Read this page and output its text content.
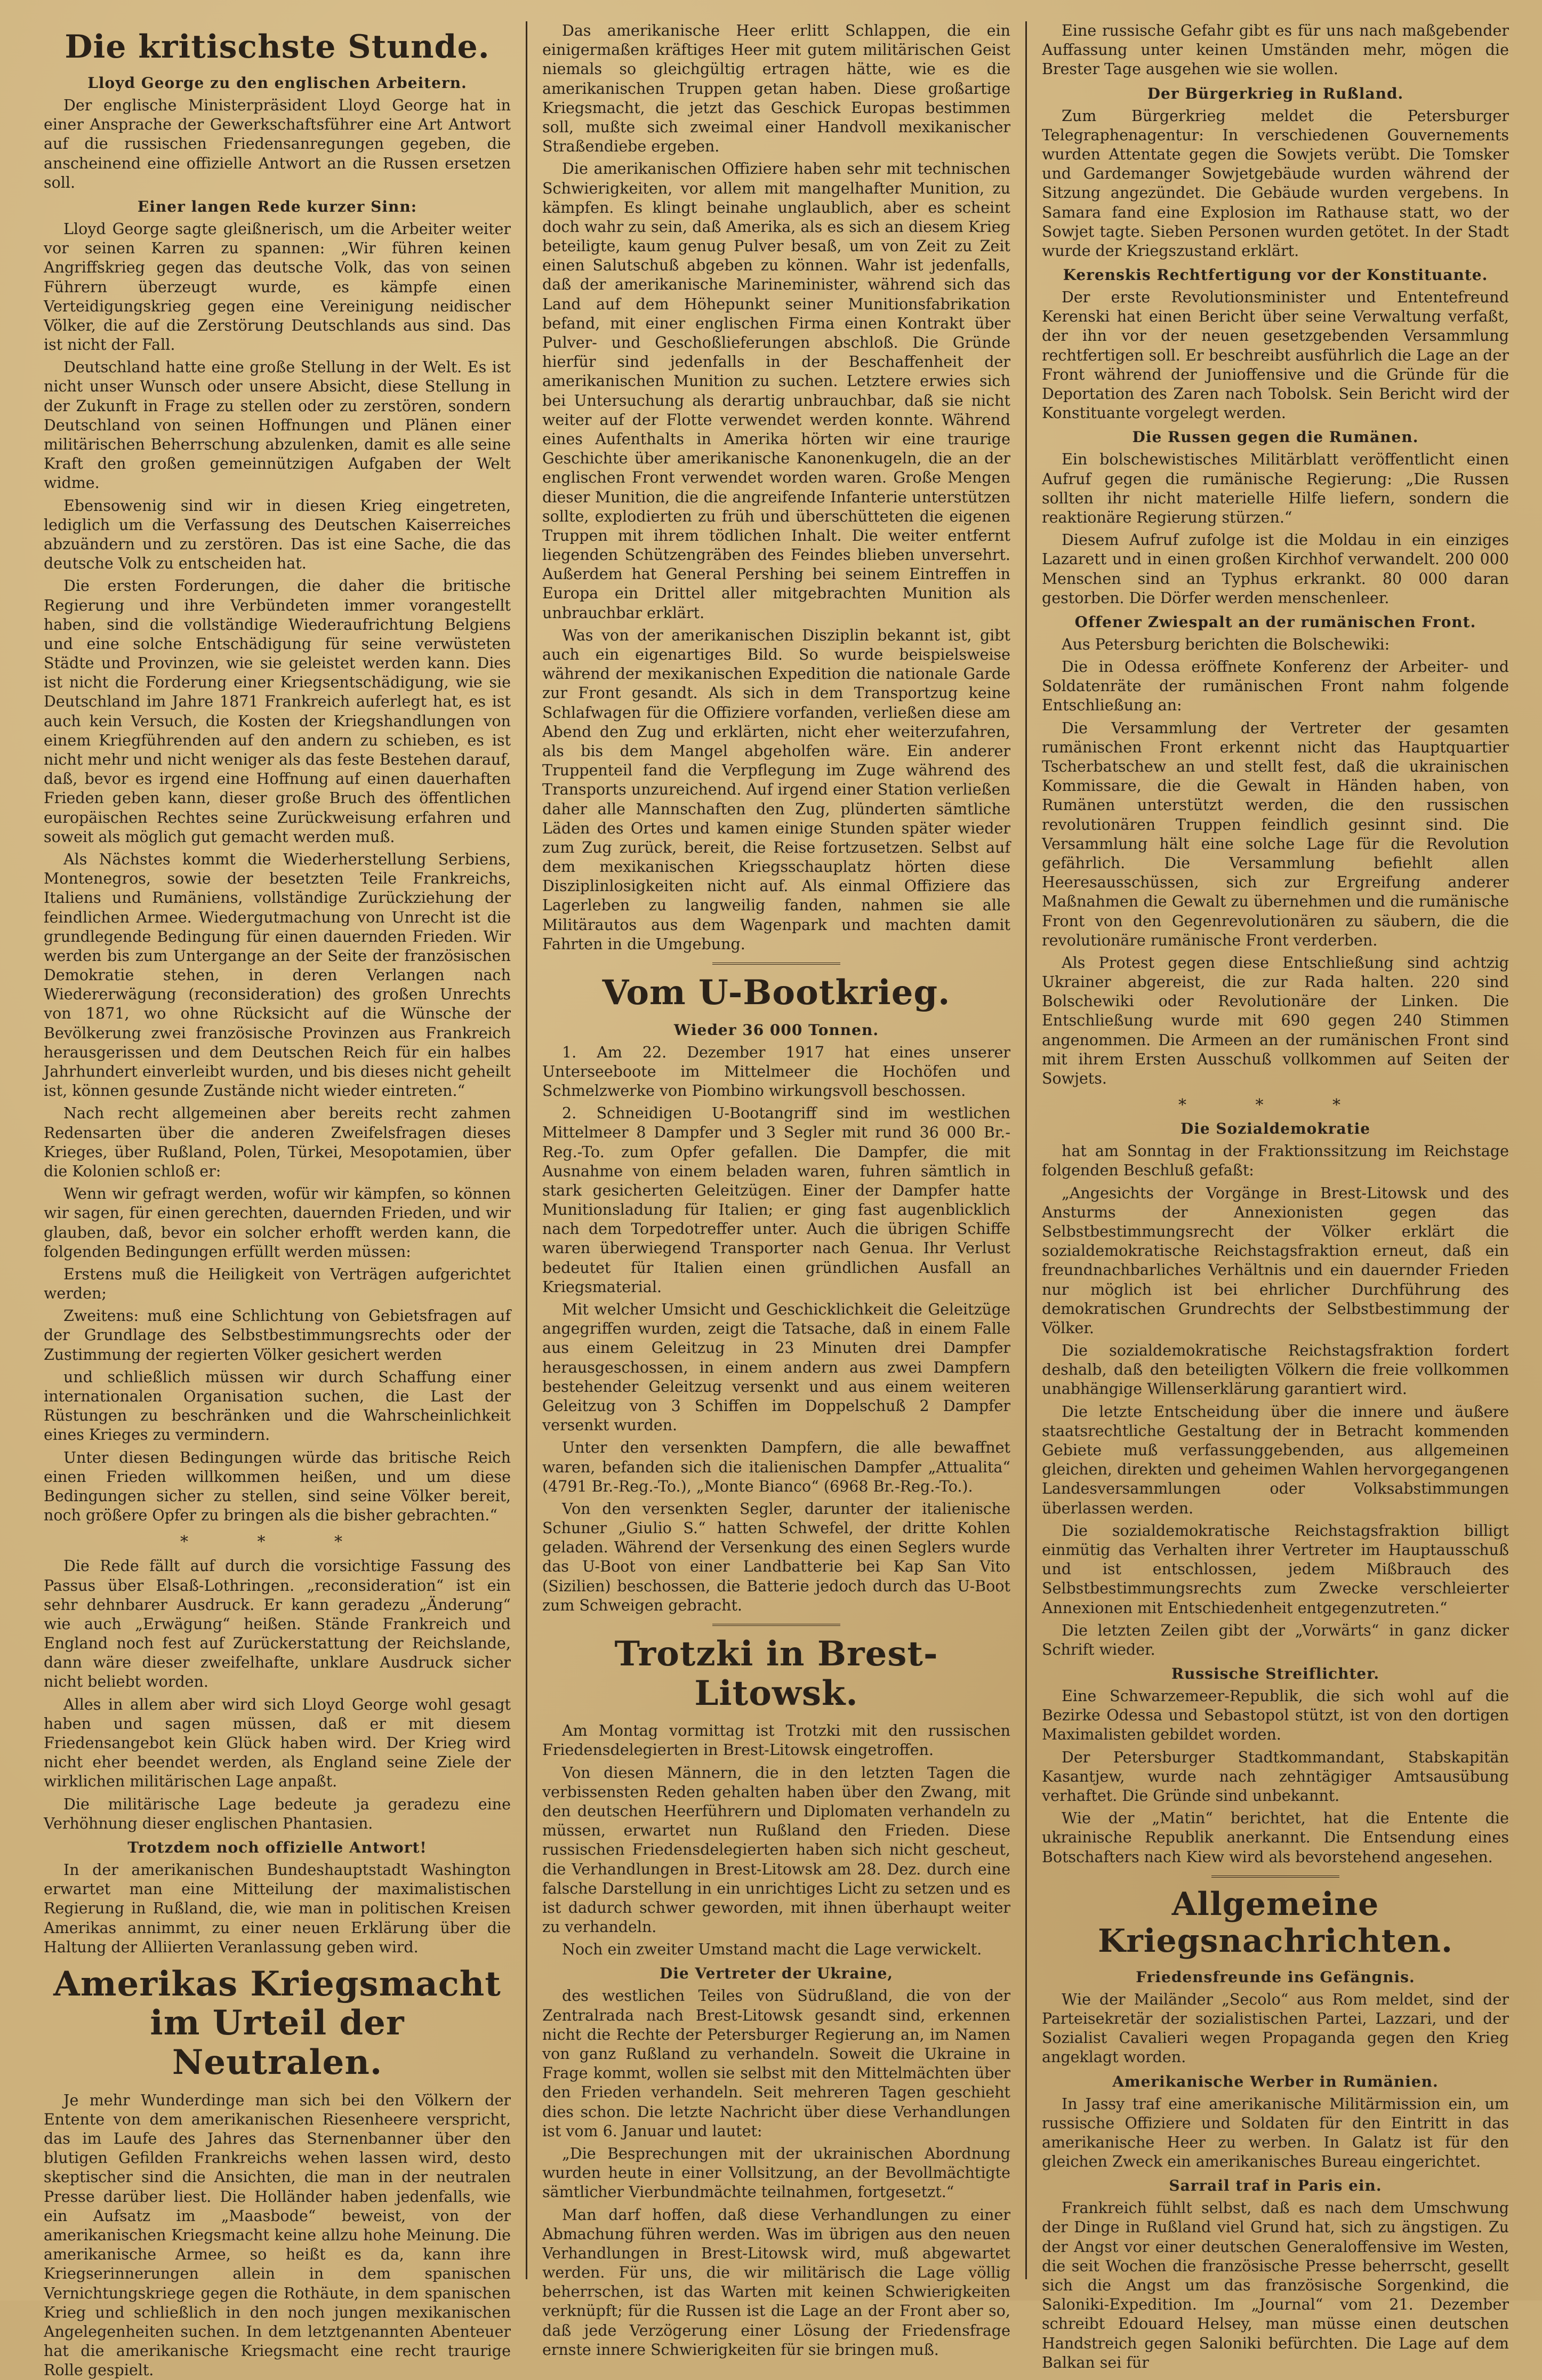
Die kritischste Stunde.
Lloyd George zu den englischen Arbeitern.

Der englische Ministerpräsident Lloyd George hat in einer Ansprache der Gewerkschaftsführer eine Art Antwort auf die russischen Friedensanregungen gegeben, die anscheinend eine offizielle Antwort an die Russen ersetzen soll.

Einer langen Rede kurzer Sinn:

Lloyd George sagte gleißnerisch, um die Arbeiter weiter vor seinen Karren zu spannen: „Wir führen keinen Angriffskrieg gegen das deutsche Volk, das von seinen Führern überzeugt wurde, es kämpfe einen Verteidigungskrieg gegen eine Vereinigung neidischer Völker, die auf die Zerstörung Deutschlands aus sind. Das ist nicht der Fall.

Deutschland hatte eine große Stellung in der Welt. Es ist nicht unser Wunsch oder unsere Absicht, diese Stellung in der Zukunft in Frage zu stellen oder zu zerstören, sondern Deutschland von seinen Hoffnungen und Plänen einer militärischen Beherrschung abzulenken, damit es alle seine Kraft den großen gemeinnützigen Aufgaben der Welt widme.

Ebensowenig sind wir in diesen Krieg eingetreten, lediglich um die Verfassung des Deutschen Kaiserreiches abzuändern und zu zerstören. Das ist eine Sache, die das deutsche Volk zu entscheiden hat.

Die ersten Forderungen, die daher die britische Regierung und ihre Verbündeten immer vorangestellt haben, sind die vollständige Wiederaufrichtung Belgiens und eine solche Entschädigung für seine verwüsteten Städte und Provinzen, wie sie geleistet werden kann. Dies ist nicht die Forderung einer Kriegsentschädigung, wie sie Deutschland im Jahre 1871 Frankreich auferlegt hat, es ist auch kein Versuch, die Kosten der Kriegshandlungen von einem Kriegführenden auf den andern zu schieben, es ist nicht mehr und nicht weniger als das feste Bestehen darauf, daß, bevor es irgend eine Hoffnung auf einen dauerhaften Frieden geben kann, dieser große Bruch des öffentlichen europäischen Rechtes seine Zurückweisung erfahren und soweit als möglich gut gemacht werden muß.

Als Nächstes kommt die Wiederherstellung Serbiens, Montenegros, sowie der besetzten Teile Frankreichs, Italiens und Rumäniens, vollständige Zurückziehung der feindlichen Armee. Wiedergutmachung von Unrecht ist die grundlegende Bedingung für einen dauernden Frieden. Wir werden bis zum Untergange an der Seite der französischen Demokratie stehen, in deren Verlangen nach Wiedererwägung (reconsideration) des großen Unrechts von 1871, wo ohne Rücksicht auf die Wünsche der Bevölkerung zwei französische Provinzen aus Frankreich herausgerissen und dem Deutschen Reich für ein halbes Jahrhundert einverleibt wurden, und bis dieses nicht geheilt ist, können gesunde Zustände nicht wieder eintreten.“

Nach recht allgemeinen aber bereits recht zahmen Redensarten über die anderen Zweifelsfragen dieses Krieges, über Rußland, Polen, Türkei, Mesopotamien, über die Kolonien schloß er:

Wenn wir gefragt werden, wofür wir kämpfen, so können wir sagen, für einen gerechten, dauernden Frieden, und wir glauben, daß, bevor ein solcher erhofft werden kann, die folgenden Bedingungen erfüllt werden müssen:

Erstens muß die Heiligkeit von Verträgen aufgerichtet werden;

Zweitens: muß eine Schlichtung von Gebietsfragen auf der Grundlage des Selbstbestimmungsrechts oder der Zustimmung der regierten Völker gesichert werden

und schließlich müssen wir durch Schaffung einer internationalen Organisation suchen, die Last der Rüstungen zu beschränken und die Wahrscheinlichkeit eines Krieges zu vermindern.

Unter diesen Bedingungen würde das britische Reich einen Frieden willkommen heißen, und um diese Bedingungen sicher zu stellen, sind seine Völker bereit, noch größere Opfer zu bringen als die bisher gebrachten.“

* * *

Die Rede fällt auf durch die vorsichtige Fassung des Passus über Elsaß-Lothringen. „reconsideration“ ist ein sehr dehnbarer Ausdruck. Er kann geradezu „Änderung“ wie auch „Erwägung“ heißen. Stände Frankreich und England noch fest auf Zurückerstattung der Reichslande, dann wäre dieser zweifelhafte, unklare Ausdruck sicher nicht beliebt worden.

Alles in allem aber wird sich Lloyd George wohl gesagt haben und sagen müssen, daß er mit diesem Friedensangebot kein Glück haben wird. Der Krieg wird nicht eher beendet werden, als England seine Ziele der wirklichen militärischen Lage anpaßt.

Die militärische Lage bedeute ja geradezu eine Verhöhnung dieser englischen Phantasien.

Trotzdem noch offizielle Antwort!

In der amerikanischen Bundeshauptstadt Washington erwartet man eine Mitteilung der maximalistischen Regierung in Rußland, die, wie man in politischen Kreisen Amerikas annimmt, zu einer neuen Erklärung über die Haltung der Alliierten Veranlassung geben wird.

Amerikas Kriegsmacht im Urteil der Neutralen.

Je mehr Wunderdinge man sich bei den Völkern der Entente von dem amerikanischen Riesenheere verspricht, das im Laufe des Jahres das Sternenbanner über den blutigen Gefilden Frankreichs wehen lassen wird, desto skeptischer sind die Ansichten, die man in der neutralen Presse darüber liest. Die Holländer haben jedenfalls, wie ein Aufsatz im „Maasbode“ beweist, von der amerikanischen Kriegsmacht keine allzu hohe Meinung. Die amerikanische Armee, so heißt es da, kann ihre Kriegserinnerungen allein in dem spanischen Vernichtungskriege gegen die Rothäute, in dem spanischen Krieg und schließlich in den noch jungen mexikanischen Angelegenheiten suchen. In dem letztgenannten Abenteuer hat die amerikanische Kriegsmacht eine recht traurige Rolle gespielt.

Das amerikanische Heer erlitt Schlappen, die ein einigermaßen kräftiges Heer mit gutem militärischen Geist niemals so gleichgültig ertragen hätte, wie es die amerikanischen Truppen getan haben. Diese großartige Kriegsmacht, die jetzt das Geschick Europas bestimmen soll, mußte sich zweimal einer Handvoll mexikanischer Straßendiebe ergeben.

Die amerikanischen Offiziere haben sehr mit technischen Schwierigkeiten, vor allem mit mangelhafter Munition, zu kämpfen. Es klingt beinahe unglaublich, aber es scheint doch wahr zu sein, daß Amerika, als es sich an diesem Krieg beteiligte, kaum genug Pulver besaß, um von Zeit zu Zeit einen Salutschuß abgeben zu können. Wahr ist jedenfalls, daß der amerikanische Marineminister, während sich das Land auf dem Höhepunkt seiner Munitionsfabrikation befand, mit einer englischen Firma einen Kontrakt über Pulver- und Geschoßlieferungen abschloß. Die Gründe hierfür sind jedenfalls in der Beschaffenheit der amerikanischen Munition zu suchen. Letztere erwies sich bei Untersuchung als derartig unbrauchbar, daß sie nicht weiter auf der Flotte verwendet werden konnte. Während eines Aufenthalts in Amerika hörten wir eine traurige Geschichte über amerikanische Kanonenkugeln, die an der englischen Front verwendet worden waren. Große Mengen dieser Munition, die die angreifende Infanterie unterstützen sollte, explodierten zu früh und überschütteten die eigenen Truppen mit ihrem tödlichen Inhalt. Die weiter entfernt liegenden Schützengräben des Feindes blieben unversehrt. Außerdem hat General Pershing bei seinem Eintreffen in Europa ein Drittel aller mitgebrachten Munition als unbrauchbar erklärt.

Was von der amerikanischen Disziplin bekannt ist, gibt auch ein eigenartiges Bild. So wurde beispielsweise während der mexikanischen Expedition die nationale Garde zur Front gesandt. Als sich in dem Transportzug keine Schlafwagen für die Offiziere vorfanden, verließen diese am Abend den Zug und erklärten, nicht eher weiterzufahren, als bis dem Mangel abgeholfen wäre. Ein anderer Truppenteil fand die Verpflegung im Zuge während des Transports unzureichend. Auf irgend einer Station verließen daher alle Mannschaften den Zug, plünderten sämtliche Läden des Ortes und kamen einige Stunden später wieder zum Zug zurück, bereit, die Reise fortzusetzen. Selbst auf dem mexikanischen Kriegsschauplatz hörten diese Disziplinlosigkeiten nicht auf. Als einmal Offiziere das Lagerleben zu langweilig fanden, nahmen sie alle Militärautos aus dem Wagenpark und machten damit Fahrten in die Umgebung.

Vom U-Bootkrieg.
Wieder 36 000 Tonnen.

1. Am 22. Dezember 1917 hat eines unserer Unterseeboote im Mittelmeer die Hochöfen und Schmelzwerke von Piombino wirkungsvoll beschossen.

2. Schneidigen U-Bootangriff sind im westlichen Mittelmeer 8 Dampfer und 3 Segler mit rund 36 000 Br.-Reg.-To. zum Opfer gefallen. Die Dampfer, die mit Ausnahme von einem beladen waren, fuhren sämtlich in stark gesicherten Geleitzügen. Einer der Dampfer hatte Munitionsladung für Italien; er ging fast augenblicklich nach dem Torpedotreffer unter. Auch die übrigen Schiffe waren überwiegend Transporter nach Genua. Ihr Verlust bedeutet für Italien einen gründlichen Ausfall an Kriegsmaterial.

Mit welcher Umsicht und Geschicklichkeit die Geleitzüge angegriffen wurden, zeigt die Tatsache, daß in einem Falle aus einem Geleitzug in 23 Minuten drei Dampfer herausgeschossen, in einem andern aus zwei Dampfern bestehender Geleitzug versenkt und aus einem weiteren Geleitzug von 3 Schiffen im Doppelschuß 2 Dampfer versenkt wurden.

Unter den versenkten Dampfern, die alle bewaffnet waren, befanden sich die italienischen Dampfer „Attualita“ (4791 Br.-Reg.-To.), „Monte Bianco“ (6968 Br.-Reg.-To.).

Von den versenkten Segler, darunter der italienische Schuner „Giulio S.“ hatten Schwefel, der dritte Kohlen geladen. Während der Versenkung des einen Seglers wurde das U-Boot von einer Landbatterie bei Kap San Vito (Sizilien) beschossen, die Batterie jedoch durch das U-Boot zum Schweigen gebracht.

Trotzki in Brest-Litowsk.

Am Montag vormittag ist Trotzki mit den russischen Friedensdelegierten in Brest-Litowsk eingetroffen.

Von diesen Männern, die in den letzten Tagen die verbissensten Reden gehalten haben über den Zwang, mit den deutschen Heerführern und Diplomaten verhandeln zu müssen, erwartet nun Rußland den Frieden. Diese russischen Friedensdelegierten haben sich nicht gescheut, die Verhandlungen in Brest-Litowsk am 28. Dez. durch eine falsche Darstellung in ein unrichtiges Licht zu setzen und es ist dadurch schwer geworden, mit ihnen überhaupt weiter zu verhandeln.

Noch ein zweiter Umstand macht die Lage verwickelt.

Die Vertreter der Ukraine,

des westlichen Teiles von Südrußland, die von der Zentralrada nach Brest-Litowsk gesandt sind, erkennen nicht die Rechte der Petersburger Regierung an, im Namen von ganz Rußland zu verhandeln. Soweit die Ukraine in Frage kommt, wollen sie selbst mit den Mittelmächten über den Frieden verhandeln. Seit mehreren Tagen geschieht dies schon. Die letzte Nachricht über diese Verhandlungen ist vom 6. Januar und lautet:

„Die Besprechungen mit der ukrainischen Abordnung wurden heute in einer Vollsitzung, an der Bevollmächtigte sämtlicher Vierbundmächte teilnahmen, fortgesetzt.“

Man darf hoffen, daß diese Verhandlungen zu einer Abmachung führen werden. Was im übrigen aus den neuen Verhandlungen in Brest-Litowsk wird, muß abgewartet werden. Für uns, die wir militärisch die Lage völlig beherrschen, ist das Warten mit keinen Schwierigkeiten verknüpft; für die Russen ist die Lage an der Front aber so, daß jede Verzögerung einer Lösung der Friedensfrage ernste innere Schwierigkeiten für sie bringen muß.

Eine russische Gefahr gibt es für uns nach maßgebender Auffassung unter keinen Umständen mehr, mögen die Brester Tage ausgehen wie sie wollen.

Der Bürgerkrieg in Rußland.

Zum Bürgerkrieg meldet die Petersburger Telegraphenagentur: In verschiedenen Gouvernements wurden Attentate gegen die Sowjets verübt. Die Tomsker und Gardemanger Sowjetgebäude wurden während der Sitzung angezündet. Die Gebäude wurden vergebens. In Samara fand eine Explosion im Rathause statt, wo der Sowjet tagte. Sieben Personen wurden getötet. In der Stadt wurde der Kriegszustand erklärt.

Kerenskis Rechtfertigung vor der Konstituante.

Der erste Revolutionsminister und Ententefreund Kerenski hat einen Bericht über seine Verwaltung verfaßt, der ihn vor der neuen gesetzgebenden Versammlung rechtfertigen soll. Er beschreibt ausführlich die Lage an der Front während der Junioffensive und die Gründe für die Deportation des Zaren nach Tobolsk. Sein Bericht wird der Konstituante vorgelegt werden.

Die Russen gegen die Rumänen.

Ein bolschewistisches Militärblatt veröffentlicht einen Aufruf gegen die rumänische Regierung: „Die Russen sollten ihr nicht materielle Hilfe liefern, sondern die reaktionäre Regierung stürzen.“

Diesem Aufruf zufolge ist die Moldau in ein einziges Lazarett und in einen großen Kirchhof verwandelt. 200 000 Menschen sind an Typhus erkrankt. 80 000 daran gestorben. Die Dörfer werden menschenleer.

Offener Zwiespalt an der rumänischen Front.

Aus Petersburg berichten die Bolschewiki:

Die in Odessa eröffnete Konferenz der Arbeiter- und Soldatenräte der rumänischen Front nahm folgende Entschließung an:

Die Versammlung der Vertreter der gesamten rumänischen Front erkennt nicht das Hauptquartier Tscherbatschew an und stellt fest, daß die ukrainischen Kommissare, die die Gewalt in Händen haben, von Rumänen unterstützt werden, die den russischen revolutionären Truppen feindlich gesinnt sind. Die Versammlung hält eine solche Lage für die Revolution gefährlich. Die Versammlung befiehlt allen Heeresausschüssen, sich zur Ergreifung anderer Maßnahmen die Gewalt zu übernehmen und die rumänische Front von den Gegenrevolutionären zu säubern, die die revolutionäre rumänische Front verderben.

Als Protest gegen diese Entschließung sind achtzig Ukrainer abgereist, die zur Rada halten. 220 sind Bolschewiki oder Revolutionäre der Linken. Die Entschließung wurde mit 690 gegen 240 Stimmen angenommen. Die Armeen an der rumänischen Front sind mit ihrem Ersten Ausschuß vollkommen auf Seiten der Sowjets.

* * *
Die Sozialdemokratie

hat am Sonntag in der Fraktionssitzung im Reichstage folgenden Beschluß gefaßt:

„Angesichts der Vorgänge in Brest-Litowsk und des Ansturms der Annexionisten gegen das Selbstbestimmungsrecht der Völker erklärt die sozialdemokratische Reichstagsfraktion erneut, daß ein freundnachbarliches Verhältnis und ein dauernder Frieden nur möglich ist bei ehrlicher Durchführung des demokratischen Grundrechts der Selbstbestimmung der Völker.

Die sozialdemokratische Reichstagsfraktion fordert deshalb, daß den beteiligten Völkern die freie vollkommen unabhängige Willenserklärung garantiert wird.

Die letzte Entscheidung über die innere und äußere staatsrechtliche Gestaltung der in Betracht kommenden Gebiete muß verfassunggebenden, aus allgemeinen gleichen, direkten und geheimen Wahlen hervorgegangenen Landesversammlungen oder Volksabstimmungen überlassen werden.

Die sozialdemokratische Reichstagsfraktion billigt einmütig das Verhalten ihrer Vertreter im Hauptausschuß und ist entschlossen, jedem Mißbrauch des Selbstbestimmungsrechts zum Zwecke verschleierter Annexionen mit Entschiedenheit entgegenzutreten.“

Die letzten Zeilen gibt der „Vorwärts“ in ganz dicker Schrift wieder.

Russische Streiflichter.

Eine Schwarzemeer-Republik, die sich wohl auf die Bezirke Odessa und Sebastopol stützt, ist von den dortigen Maximalisten gebildet worden.

Der Petersburger Stadtkommandant, Stabskapitän Kasantjew, wurde nach zehntägiger Amtsausübung verhaftet. Die Gründe sind unbekannt.

Wie der „Matin“ berichtet, hat die Entente die ukrainische Republik anerkannt. Die Entsendung eines Botschafters nach Kiew wird als bevorstehend angesehen.

Allgemeine Kriegsnachrichten.
Friedensfreunde ins Gefängnis.

Wie der Mailänder „Secolo“ aus Rom meldet, sind der Parteisekretär der sozialistischen Partei, Lazzari, und der Sozialist Cavalieri wegen Propaganda gegen den Krieg angeklagt worden.

Amerikanische Werber in Rumänien.

In Jassy traf eine amerikanische Militärmission ein, um russische Offiziere und Soldaten für den Eintritt in das amerikanische Heer zu werben. In Galatz ist für den gleichen Zweck ein amerikanisches Bureau eingerichtet.

Sarrail traf in Paris ein.

Frankreich fühlt selbst, daß es nach dem Umschwung der Dinge in Rußland viel Grund hat, sich zu ängstigen. Zu der Angst vor einer deutschen Generaloffensive im Westen, die seit Wochen die französische Presse beherrscht, gesellt sich die Angst um das französische Sorgenkind, die Saloniki-Expedition. Im „Journal“ vom 21. Dezember schreibt Edouard Helsey, man müsse einen deutschen Handstreich gegen Saloniki befürchten. Die Lage auf dem Balkan sei für
